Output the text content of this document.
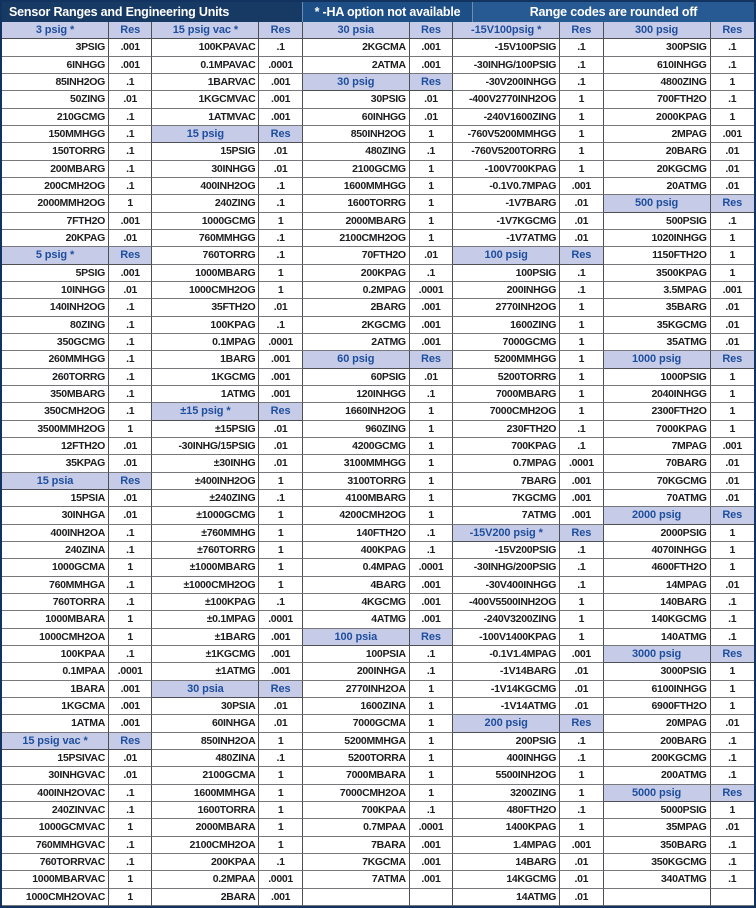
Sensor Ranges and Engineering Units	* -HA option not available	Range codes are rounded off
3 psig *	Res	15 psig vac *	Res	30 psia	Res	-15V100psig *	Res	300 psig	Res
3PSIG	.001	100KPAVAC	.1	2KGCMA	.001	-15V100PSIG	.1	300PSIG	.1
6INHGG	.001	0.1MPAVAC	.0001	2ATMA	.001	-30INHG/100PSIG	.1	610INHGG	.1
85INH2OG	.1	1BARVAC	.001	30 psig	Res	-30V200INHGG	.1	4800ZING	1
50ZING	.01	1KGCMVAC	.001	30PSIG	.01	-400V2770INH2OG	1	700FTH2O	.1
210GCMG	.1	1ATMVAC	.001	60INHGG	.01	-240V1600ZING	1	2000KPAG	1
150MMHGG	.1	15 psig	Res	850INH2OG	1	-760V5200MMHGG	1	2MPAG	.001
150TORRG	.1	15PSIG	.01	480ZING	.1	-760V5200TORRG	1	20BARG	.01
200MBARG	.1	30INHGG	.01	2100GCMG	1	-100V700KPAG	1	20KGCMG	.01
200CMH2OG	.1	400INH2OG	.1	1600MMHGG	1	-0.1V0.7MPAG	.001	20ATMG	.01
2000MMH2OG	1	240ZING	.1	1600TORRG	1	-1V7BARG	.01	500 psig	Res
7FTH2O	.001	1000GCMG	1	2000MBARG	1	-1V7KGCMG	.01	500PSIG	.1
20KPAG	.01	760MMHGG	.1	2100CMH2OG	1	-1V7ATMG	.01	1020INHGG	1
5 psig *	Res	760TORRG	.1	70FTH2O	.01	100 psig	Res	1150FTH2O	1
5PSIG	.001	1000MBARG	1	200KPAG	.1	100PSIG	.1	3500KPAG	1
10INHGG	.01	1000CMH2OG	1	0.2MPAG	.0001	200INHGG	.1	3.5MPAG	.001
140INH2OG	.1	35FTH2O	.01	2BARG	.001	2770INH2OG	1	35BARG	.01
80ZING	.1	100KPAG	.1	2KGCMG	.001	1600ZING	1	35KGCMG	.01
350GCMG	.1	0.1MPAG	.0001	2ATMG	.001	7000GCMG	1	35ATMG	.01
260MMHGG	.1	1BARG	.001	60 psig	Res	5200MMHGG	1	1000 psig	Res
260TORRG	.1	1KGCMG	.001	60PSIG	.01	5200TORRG	1	1000PSIG	1
350MBARG	.1	1ATMG	.001	120INHGG	.1	7000MBARG	1	2040INHGG	1
350CMH2OG	.1	±15 psig *	Res	1660INH2OG	1	7000CMH2OG	1	2300FTH2O	1
3500MMH2OG	1	±15PSIG	.01	960ZING	1	230FTH2O	.1	7000KPAG	1
12FTH2O	.01	-30INHG/15PSIG	.01	4200GCMG	1	700KPAG	.1	7MPAG	.001
35KPAG	.01	±30INHG	.01	3100MMHGG	1	0.7MPAG	.0001	70BARG	.01
15 psia	Res	±400INH2OG	1	3100TORRG	1	7BARG	.001	70KGCMG	.01
15PSIA	.01	±240ZING	.1	4100MBARG	1	7KGCMG	.001	70ATMG	.01
30INHGA	.01	±1000GCMG	1	4200CMH2OG	1	7ATMG	.001	2000 psig	Res
400INH2OA	.1	±760MMHG	1	140FTH2O	.1	-15V200 psig *	Res	2000PSIG	1
240ZINA	.1	±760TORRG	1	400KPAG	.1	-15V200PSIG	.1	4070INHGG	1
1000GCMA	1	±1000MBARG	1	0.4MPAG	.0001	-30INHG/200PSIG	.1	4600FTH2O	1
760MMHGA	.1	±1000CMH2OG	1	4BARG	.001	-30V400INHGG	.1	14MPAG	.01
760TORRA	.1	±100KPAG	.1	4KGCMG	.001	-400V5500INH2OG	1	140BARG	.1
1000MBARA	1	±0.1MPAG	.0001	4ATMG	.001	-240V3200ZING	1	140KGCMG	.1
1000CMH2OA	1	±1BARG	.001	100 psia	Res	-100V1400KPAG	1	140ATMG	.1
100KPAA	.1	±1KGCMG	.001	100PSIA	.1	-0.1V1.4MPAG	.001	3000 psig	Res
0.1MPAA	.0001	±1ATMG	.001	200INHGA	.1	-1V14BARG	.01	3000PSIG	1
1BARA	.001	30 psia	Res	2770INH2OA	1	-1V14KGCMG	.01	6100INHGG	1
1KGCMA	.001	30PSIA	.01	1600ZINA	1	-1V14ATMG	.01	6900FTH2O	1
1ATMA	.001	60INHGA	.01	7000GCMA	1	200 psig	Res	20MPAG	.01
15 psig vac *	Res	850INH2OA	1	5200MMHGA	1	200PSIG	.1	200BARG	.1
15PSIVAC	.01	480ZINA	.1	5200TORRA	1	400INHGG	.1	200KGCMG	.1
30INHGVAC	.01	2100GCMA	1	7000MBARA	1	5500INH2OG	1	200ATMG	.1
400INH2OVAC	.1	1600MMHGA	1	7000CMH2OA	1	3200ZING	1	5000 psig	Res
240ZINVAC	.1	1600TORRA	1	700KPAA	.1	480FTH2O	.1	5000PSIG	1
1000GCMVAC	1	2000MBARA	1	0.7MPAA	.0001	1400KPAG	1	35MPAG	.01
760MMHGVAC	.1	2100CMH2OA	1	7BARA	.001	1.4MPAG	.001	350BARG	.1
760TORRVAC	.1	200KPAA	.1	7KGCMA	.001	14BARG	.01	350KGCMG	.1
1000MBARVAC	1	0.2MPAA	.0001	7ATMA	.001	14KGCMG	.01	340ATMG	.1
1000CMH2OVAC	1	2BARA	.001	14ATMG	.01
